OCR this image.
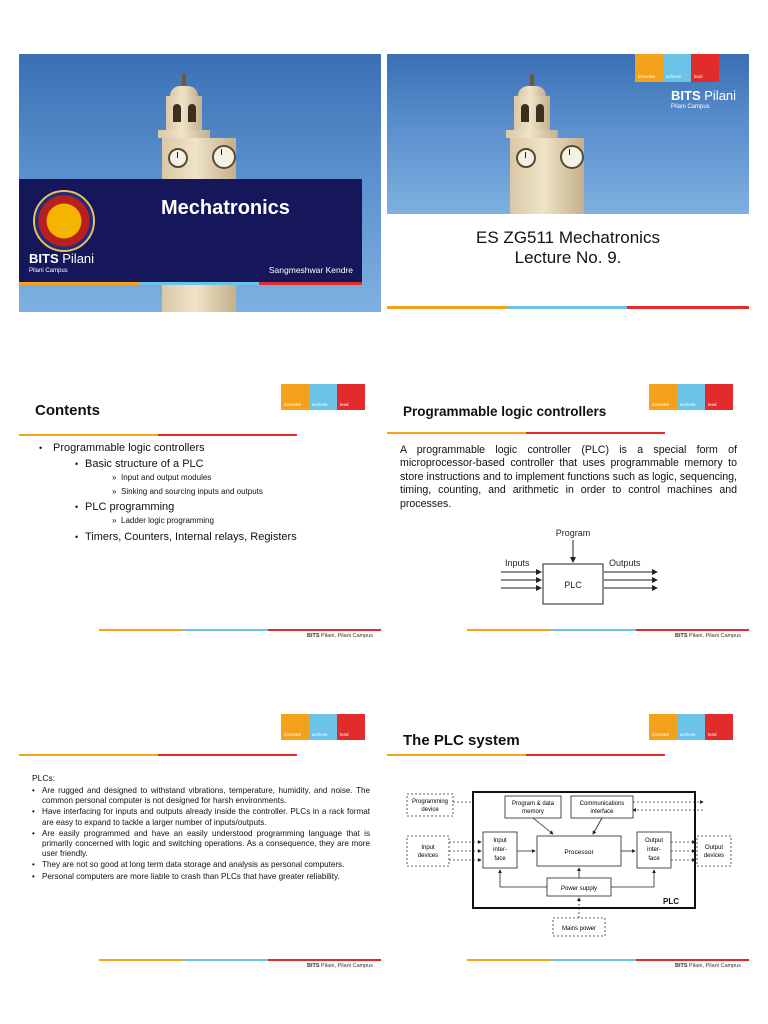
BITS Pilani
Pilani Campus
Mechatronics
Sangmeshwar Kendre
innovate achieve	lead
BITS Pilani
Pilani Campus
ES ZG511 Mechatronics
Lecture No. 9.
innovate achieve	lead
Contents
• Programmable logic controllers
• Basic structure of a PLC
» Input and output modules
» Sinking and sourcing inputs and outputs
• PLC programming
» Ladder logic programming
• Timers, Counters, Internal relays, Registers
BITS Pilani, Pilani Campus
innovate achieve	lead
Programmable logic controllers
A programmable logic controller (PLC) is a special form of microprocessor-based controller that uses programmable memory to store instructions and to implement functions such as logic, sequencing, timing, counting, and arithmetic in order to control machines and processes.
Program
PLC
Inputs	Outputs
BITS Pilani, Pilani Campus
innovate achieve	lead
PLCs:
• Are rugged and designed to withstand vibrations, temperature, humidity, and noise. The common personal computer is not designed for harsh environments.
• Have interfacing for inputs and outputs already inside the controller. PLCs in a rack format are easy to expand to tackle a larger number of inputs/outputs.
• Are easily programmed and have an easily understood programming language that is primarily concerned with logic and switching operations. As a consequence, they are more user friendly.
• They are not so good at long term data storage and analysis as personal computers.
• Personal computers are more liable to crash than PLCs that have greater reliability.
BITS Pilani, Pilani Campus
innovate achieve	lead
The PLC system
PLC
Programming
device
Program & data
memory
Communications
interface
Input
devices
Input
inter-
face
Processor
Output
inter-
face
Output
devices
Power supply
Mains power
BITS Pilani, Pilani Campus
